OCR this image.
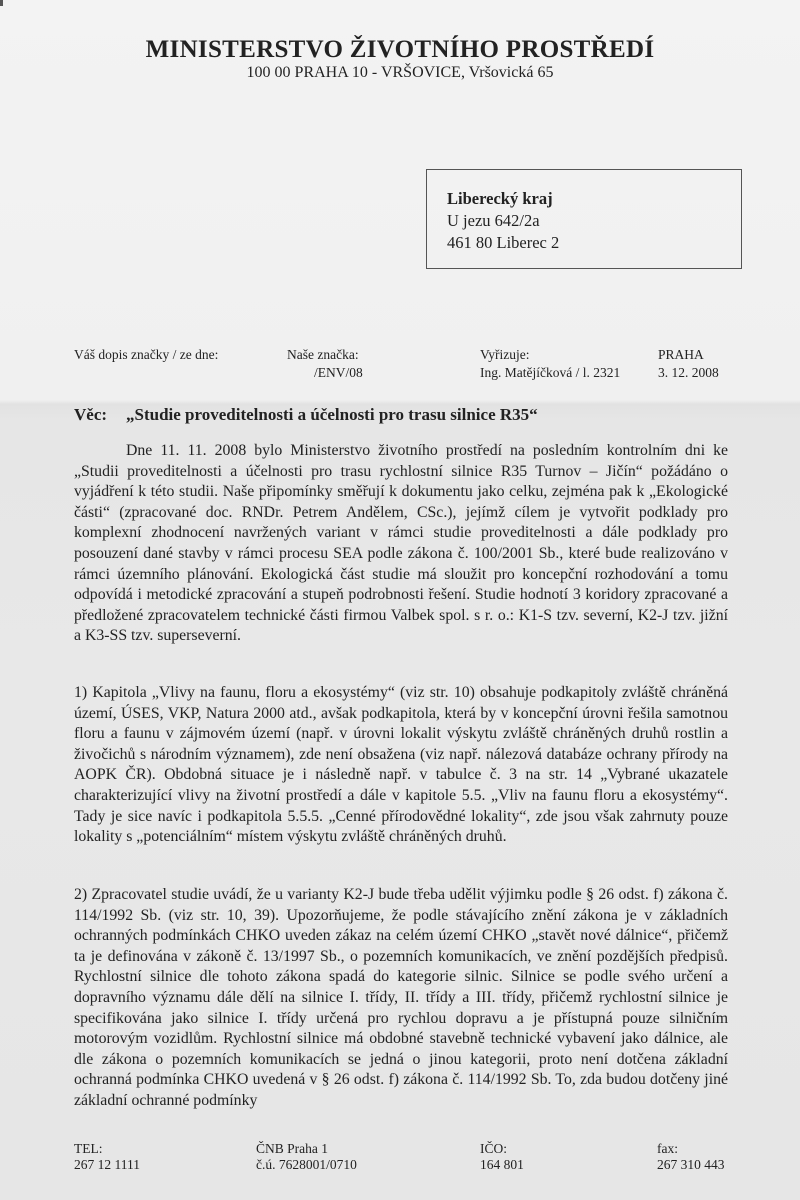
MINISTERSTVO ŽIVOTNÍHO PROSTŘEDÍ
100 00 PRAHA 10 - VRŠOVICE, Vršovická 65
Liberecký kraj
U jezu 642/2a
461 80 Liberec 2
Váš dopis značky / ze dne:	Naše značka:
/ENV/08
Vyřizuje:
Ing. Matějíčková / l. 2321
PRAHA
3. 12. 2008
Věc: „Studie proveditelnosti a účelnosti pro trasu silnice R35“

Dne 11. 11. 2008 bylo Ministerstvo životního prostředí na posledním kontrolním dni ke „Studii proveditelnosti a účelnosti pro trasu rychlostní silnice R35 Turnov – Jičín“ požádáno o vyjádření k této studii. Naše připomínky směřují k dokumentu jako celku, zejména pak k „Ekologické části“ (zpracované doc. RNDr. Petrem Andělem, CSc.), jejímž cílem je vytvořit podklady pro komplexní zhodnocení navržených variant v rámci studie proveditelnosti a dále podklady pro posouzení dané stavby v rámci procesu SEA podle zákona č. 100/2001 Sb., které bude realizováno v rámci územního plánování. Ekologická část studie má sloužit pro koncepční rozhodování a tomu odpovídá i metodické zpracování a stupeň podrobnosti řešení. Studie hodnotí 3 koridory zpracované a předložené zpracovatelem technické části firmou Valbek spol. s r. o.: K1-S tzv. severní, K2-J tzv. jižní a K3-SS tzv. superseverní.

1) Kapitola „Vlivy na faunu, floru a ekosystémy“ (viz str. 10) obsahuje podkapitoly zvláště chráněná území, ÚSES, VKP, Natura 2000 atd., avšak podkapitola, která by v koncepční úrovni řešila samotnou floru a faunu v zájmovém území (např. v úrovni lokalit výskytu zvláště chráněných druhů rostlin a živočichů s národním významem), zde není obsažena (viz např. nálezová databáze ochrany přírody na AOPK ČR). Obdobná situace je i následně např. v tabulce č. 3 na str. 14 „Vybrané ukazatele charakterizující vlivy na životní prostředí a dále v kapitole 5.5. „Vliv na faunu floru a ekosystémy“. Tady je sice navíc i podkapitola 5.5.5. „Cenné přírodovědné lokality“, zde jsou však zahrnuty pouze lokality s „potenciálním“ místem výskytu zvláště chráněných druhů.

2) Zpracovatel studie uvádí, že u varianty K2-J bude třeba udělit výjimku podle § 26 odst. f) zákona č. 114/1992 Sb. (viz str. 10, 39). Upozorňujeme, že podle stávajícího znění zákona je v základních ochranných podmínkách CHKO uveden zákaz na celém území CHKO „stavět nové dálnice“, přičemž ta je definována v zákoně č. 13/1997 Sb., o pozemních komunikacích, ve znění pozdějších předpisů. Rychlostní silnice dle tohoto zákona spadá do kategorie silnic. Silnice se podle svého určení a dopravního významu dále dělí na silnice I. třídy, II. třídy a III. třídy, přičemž rychlostní silnice je specifikována jako silnice I. třídy určená pro rychlou dopravu a je přístupná pouze silničním motorovým vozidlům. Rychlostní silnice má obdobné stavebně technické vybavení jako dálnice, ale dle zákona o pozemních komunikacích se jedná o jinou kategorii, proto není dotčena základní ochranná podmínka CHKO uvedená v § 26 odst. f) zákona č. 114/1992 Sb. To, zda budou dotčeny jiné základní ochranné podmínky

TEL:
267 12 1111
ČNB Praha 1
č.ú. 7628001/0710
IČO:
164 801
fax:
267 310 443
